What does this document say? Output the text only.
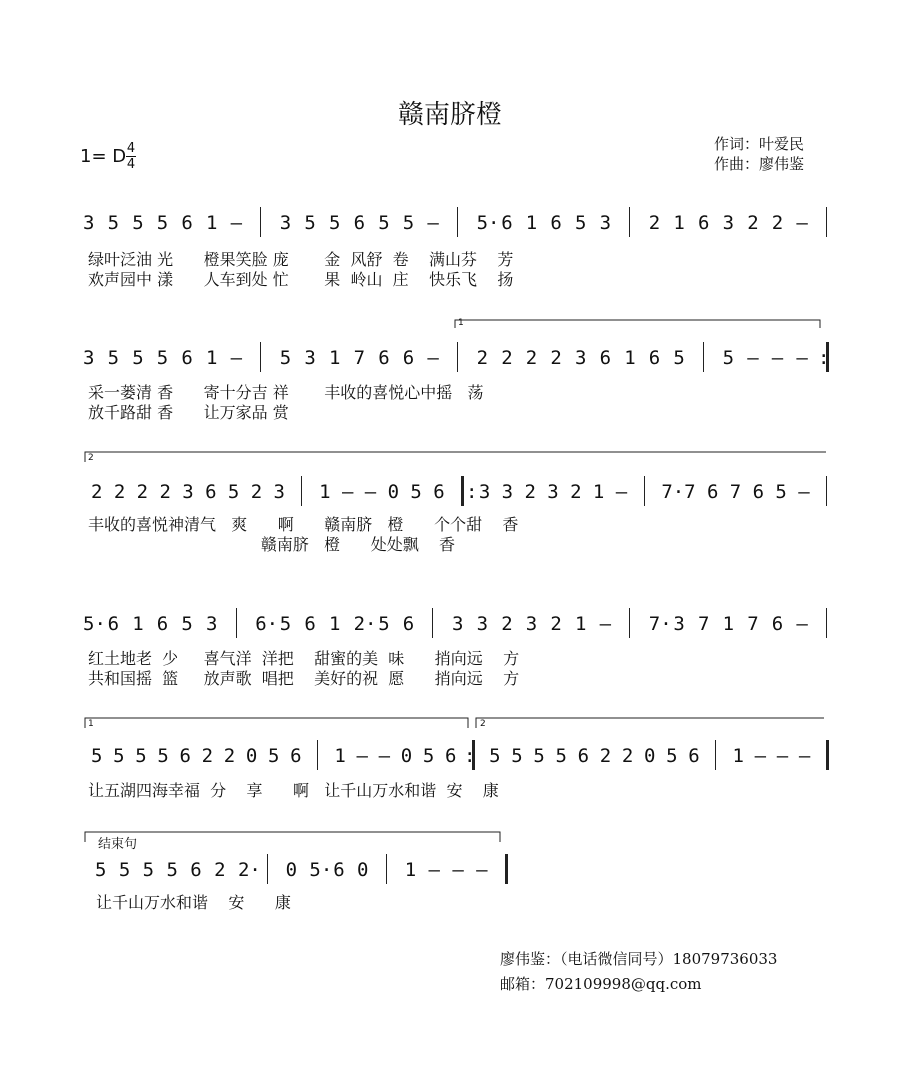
赣南脐橙
1= D 4
4
作词：叶爱民
作曲：廖伟鉴
3 5 5 5 6 1 – 3 5 5 6 5 5 – 5· 6 1 6 5 3 2 1 6 3 2 2 –
绿叶泛油 光      橙果笑脸 庞       金  风舒  卷    满山芬    芳
欢声园中 漾      人车到处 忙       果  岭山  庄    快乐飞    扬
3 5 5 5 6 1 – 5 3 1 7 6 6 – 2 2 2 2 3 6 1 6 5 5 – – – :
采一蒌清 香      寄十分吉 祥       丰收的喜悦心中摇   荡
放千路甜 香      让万家品 赏
2 2 2 2 3 6 5 2 3 1 – – 0 5 6 : 3 3 2 3 2 1 – 7· 7 6 7 6 5 –
丰收的喜悦神清气   爽      啊      赣南脐   橙      个个甜    香
赣南脐   橙      处处飘    香
5· 6 1 6 5 3 6· 5 6 1 2· 5 6 3 3 2 3 2 1 – 7· 3 7 1 7 6 –
红土地老  少     喜气洋  洋把    甜蜜的美  味      捎向远    方
共和国摇  篮     放声歌  唱把    美好的祝  愿      捎向远    方
5 5 5 5 6 2 2 0 5 6 1 – – 0 5 6 : 5 5 5 5 6 2 2 0 5 6 1 – – –
让五湖四海幸福  分    享      啊   让千山万水和谐  安    康
5 5 5 5 6 2 2· 0 5· 6 0 1 – – –
让千山万水和谐    安      康
1
2
1	2
结束句
廖伟鉴：（电话微信同号）18079736033
邮箱：702109998@qq.com
